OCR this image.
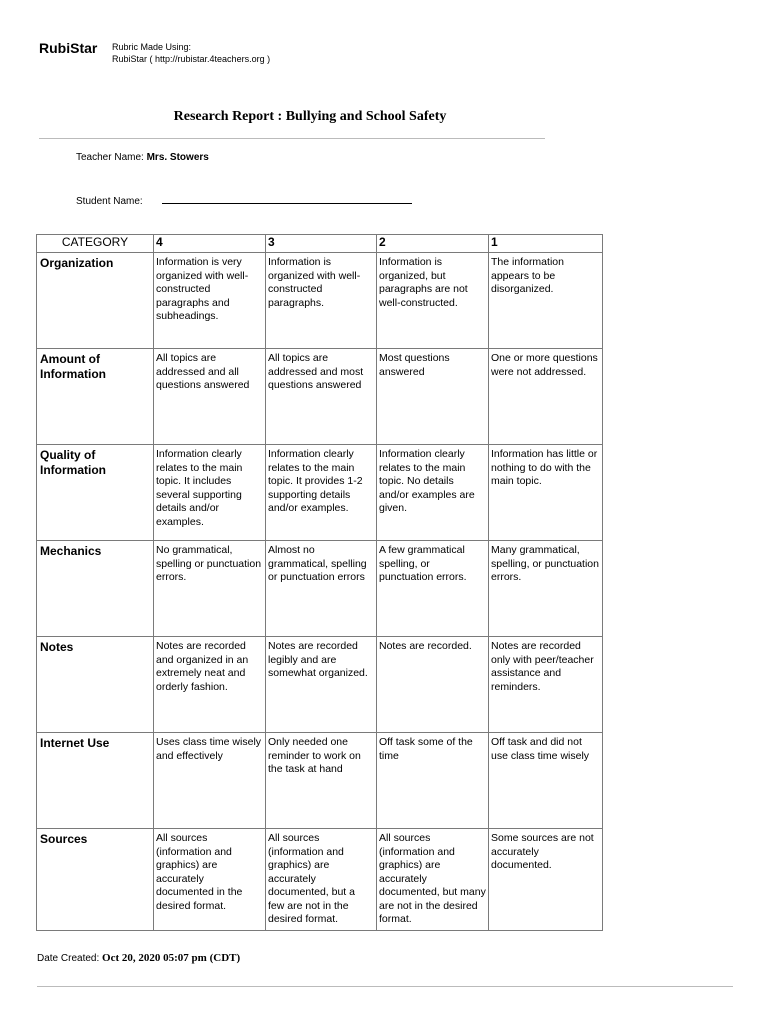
RubiStar Rubric Made Using:
RubiStar ( http://rubistar.4teachers.org )
Research Report : Bullying and School Safety
Teacher Name: Mrs. Stowers
Student Name:
CATEGORY	4	3	2	1
Organization	Information is very organized with well-constructed paragraphs and subheadings.	Information is organized with well-constructed paragraphs.	Information is organized, but paragraphs are not well-constructed.	The information appears to be disorganized.
Amount of Information	All topics are addressed and all questions answered	All topics are addressed and most questions answered	Most questions answered	One or more questions were not addressed.
Quality of Information	Information clearly relates to the main topic. It includes several supporting details and/or examples.	Information clearly relates to the main topic. It provides 1-2 supporting details and/or examples.	Information clearly relates to the main topic. No details and/or examples are given.	Information has little or nothing to do with the main topic.
Mechanics	No grammatical, spelling or punctuation errors.	Almost no grammatical, spelling or punctuation errors	A few grammatical spelling, or punctuation errors.	Many grammatical, spelling, or punctuation errors.
Notes	Notes are recorded and organized in an extremely neat and orderly fashion.	Notes are recorded legibly and are somewhat organized.	Notes are recorded.	Notes are recorded only with peer/teacher assistance and reminders.
Internet Use	Uses class time wisely and effectively	Only needed one reminder to work on the task at hand	Off task some of the time	Off task and did not use class time wisely
Sources	All sources (information and graphics) are accurately documented in the desired format.	All sources (information and graphics) are accurately documented, but a few are not in the desired format.	All sources (information and graphics) are accurately documented, but many are not in the desired format.	Some sources are not accurately documented.
Date Created: Oct 20, 2020 05:07 pm (CDT)
